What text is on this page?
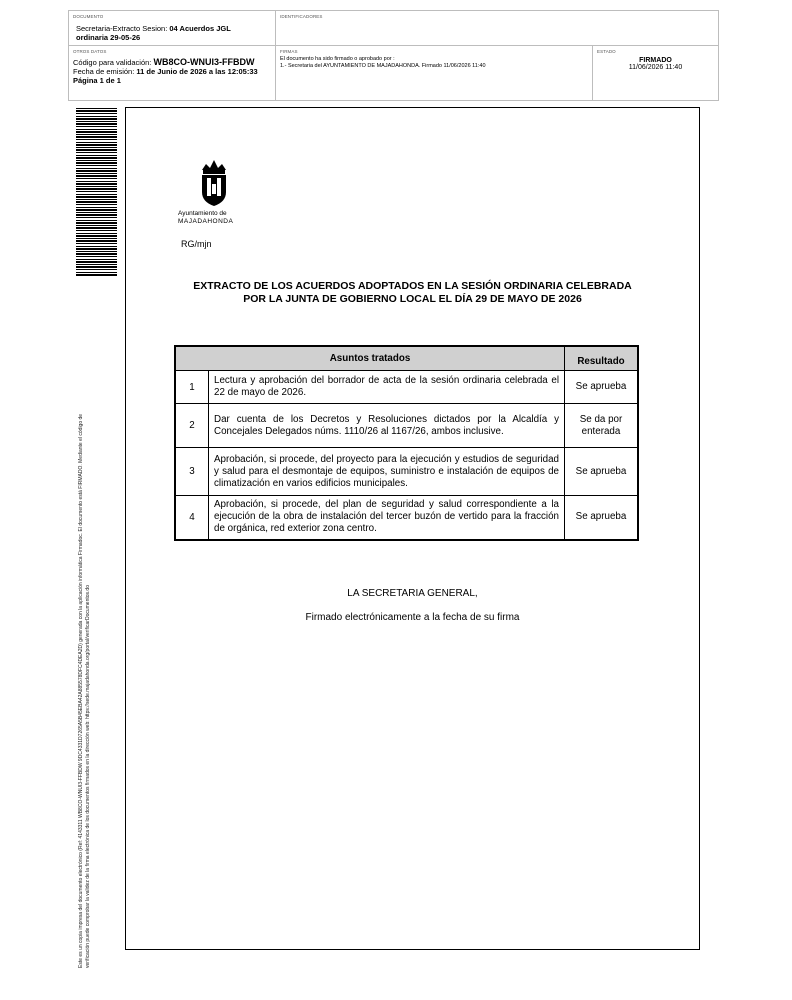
DOCUMENTO
Secretaria-Extracto Sesion: 04 Acuerdos JGL ordinaria 29-05-26
IDENTIFICADORES
OTROS DATOS
Código para validación: WB8CO-WNUI3-FFBDW
Fecha de emisión: 11 de Junio de 2026 a las 12:05:33
Página 1 de 1
FIRMAS
El documento ha sido firmado o aprobado por :
1.- Secretaria del AYUNTAMIENTO DE MAJADAHONDA. Firmado 11/06/2026 11:40
ESTADO
FIRMADO
11/06/2026 11:40
Este es un copia impresa del documento electrónico (Ref: 4143311 WB8CO-WNUI3-FFBDW 9DC4331D7265A5B45EBA42A885578DFC4DEA2D) generada con la aplicación informática Firmadoc. El documento está FIRMADO. Mediante el código de verificación puede comprobar la validez de la firma electrónica de los documentos firmados en la dirección web: https://sede.majadahonda.org/portal/verificarDocumentos.do
Ayuntamiento de
MAJADAHONDA
RG/mjn
EXTRACTO DE LOS ACUERDOS ADOPTADOS EN LA SESIÓN ORDINARIA CELEBRADA
POR LA JUNTA DE GOBIERNO LOCAL EL DÍA 29 DE MAYO DE 2026
Asuntos tratados		Resultado
1	Lectura y aprobación del borrador de acta de la sesión ordinaria celebrada el 22 de mayo de 2026.	Se aprueba
2	Dar cuenta de los Decretos y Resoluciones dictados por la Alcaldía y Concejales Delegados núms. 1110/26 al 1167/26, ambos inclusive.	Se da por enterada
3	Aprobación, si procede, del proyecto para la ejecución y estudios de seguridad y salud para el desmontaje de equipos, suministro e instalación de equipos de climatización en varios edificios municipales.	Se aprueba
4	Aprobación, si procede, del plan de seguridad y salud correspondiente a la ejecución de la obra de instalación del tercer buzón de vertido para la fracción de orgánica, red exterior zona centro.	Se aprueba
LA SECRETARIA GENERAL,
Firmado electrónicamente a la fecha de su firma
